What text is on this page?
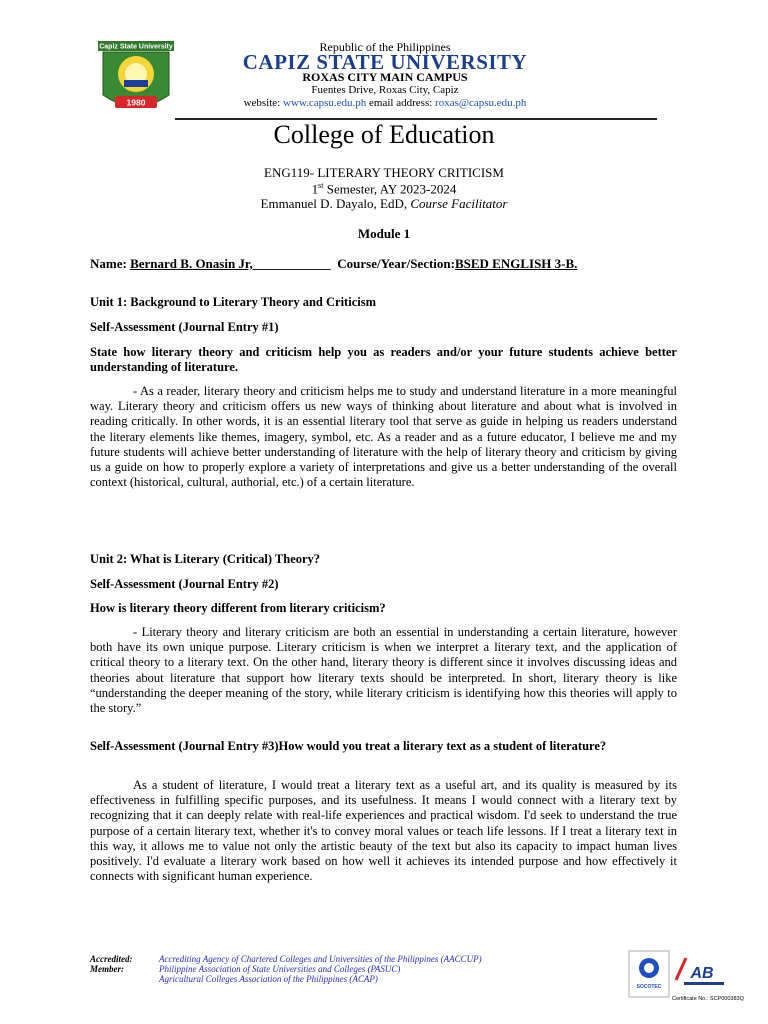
Capiz State University
1980
Republic of the Philippines
CAPIZ STATE UNIVERSITY
ROXAS CITY MAIN CAMPUS
Fuentes Drive, Roxas City, Capiz
website: www.capsu.edu.ph email address: roxas@capsu.edu.ph
College of Education
ENG119- LITERARY THEORY CRITICISM
1st Semester, AY 2023-2024
Emmanuel D. Dayalo, EdD, Course Facilitator
Module 1
Name: Bernard B. Onasin Jr,____________  Course/Year/Section:BSED ENGLISH 3-B.
Unit 1: Background to Literary Theory and Criticism
Self-Assessment (Journal Entry #1)
State how literary theory and criticism help you as readers and/or your future students achieve better understanding of literature.
- As a reader, literary theory and criticism helps me to study and understand literature in a more meaningful way. Literary theory and criticism offers us new ways of thinking about literature and about what is involved in reading critically. In other words, it is an essential literary tool that serve as guide in helping us readers understand the literary elements like themes, imagery, symbol, etc. As a reader and as a future educator, I believe me and my future students will achieve better understanding of literature with the help of literary theory and criticism by giving us a guide on how to properly explore a variety of interpretations and give us a better understanding of the overall context (historical, cultural, authorial, etc.) of a certain literature.
Unit 2: What is Literary (Critical) Theory?
Self-Assessment (Journal Entry #2)
How is literary theory different from literary criticism?
- Literary theory and literary criticism are both an essential in understanding a certain literature, however both have its own unique purpose. Literary criticism is when we interpret a literary text, and the application of critical theory to a literary text. On the other hand, literary theory is different since it involves discussing ideas and theories about literature that support how literary texts should be interpreted. In short, literary theory is like “understanding the deeper meaning of the story, while literary criticism is identifying how this theories will apply to the story.”
Self-Assessment (Journal Entry #3)How would you treat a literary text as a student of literature?
As a student of literature, I would treat a literary text as a useful art, and its quality is measured by its effectiveness in fulfilling specific purposes, and its usefulness. It means I would connect with a literary text by recognizing that it can deeply relate with real-life experiences and practical wisdom. I'd seek to understand the true purpose of a certain literary text, whether it's to convey moral values or teach life lessons. If I treat a literary text in this way, it allows me to value not only the artistic beauty of the text but also its capacity to impact human lives positively. I'd evaluate a literary work based on how well it achieves its intended purpose and how effectively it connects with significant human experience.
Accredited:	Accrediting Agency of Chartered Colleges and Universities of the Philippines (AACCUP)
Member:	Philippine Association of State Universities and Colleges (PASUC)
Agricultural Colleges Association of the Philippines (ACAP)
SOCOTEC
AB
Certificate No.: SCP000383Q
